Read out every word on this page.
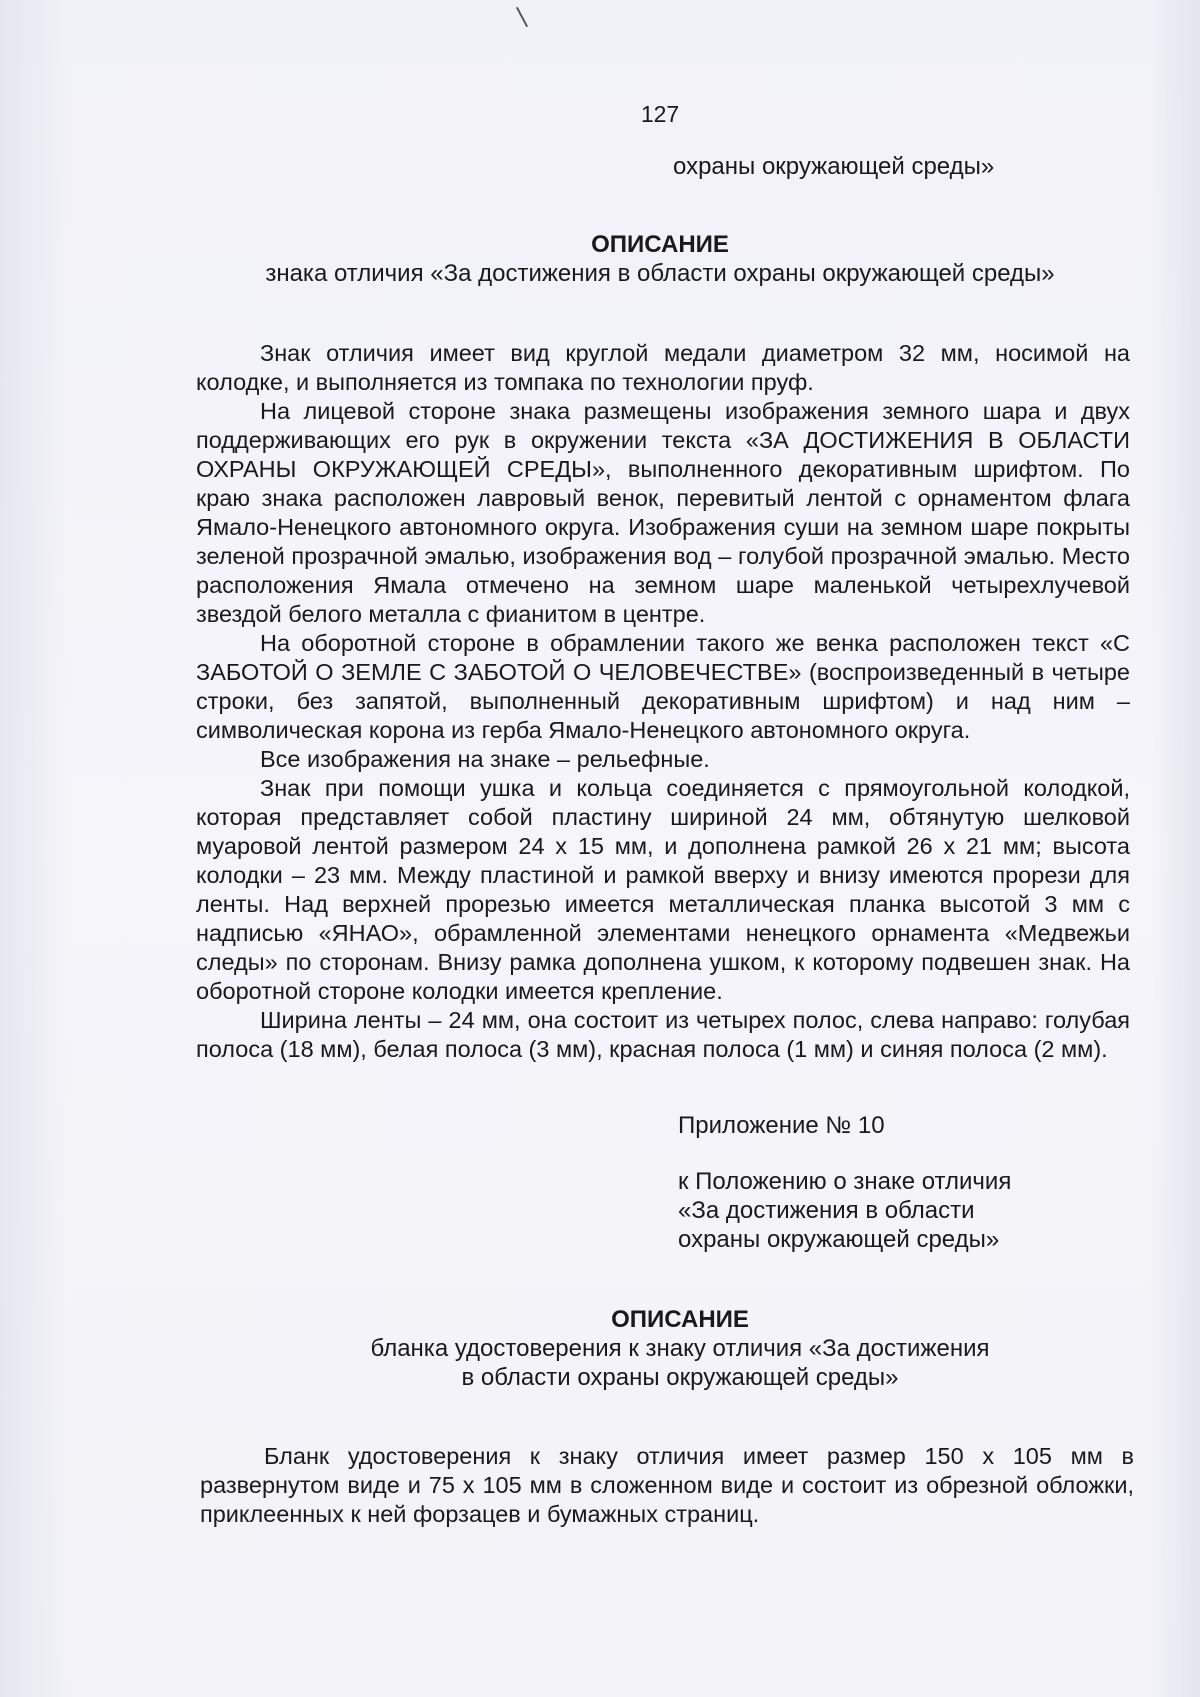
127
охраны окружающей среды»
ОПИСАНИЕ
знака отличия «За достижения в области охраны окружающей среды»

Знак отличия имеет вид круглой медали диаметром 32 мм, носимой на колодке, и выполняется из томпака по технологии пруф.

На лицевой стороне знака размещены изображения земного шара и двух поддерживающих его рук в окружении текста «ЗА ДОСТИЖЕНИЯ В ОБЛАСТИ ОХРАНЫ ОКРУЖАЮЩЕЙ СРЕДЫ», выполненного декоративным шрифтом. По краю знака расположен лавровый венок, перевитый лентой с орнаментом флага Ямало-Ненецкого автономного округа. Изображения суши на земном шаре покрыты зеленой прозрачной эмалью, изображения вод – голубой прозрачной эмалью. Место расположения Ямала отмечено на земном шаре маленькой четырехлучевой звездой белого металла с фианитом в центре.

На оборотной стороне в обрамлении такого же венка расположен текст «С ЗАБОТОЙ О ЗЕМЛЕ С ЗАБОТОЙ О ЧЕЛОВЕЧЕСТВЕ» (воспроизведенный в четыре строки, без запятой, выполненный декоративным шрифтом) и над ним – символическая корона из герба Ямало-Ненецкого автономного округа.

Все изображения на знаке – рельефные.

Знак при помощи ушка и кольца соединяется с прямоугольной колодкой, которая представляет собой пластину шириной 24 мм, обтянутую шелковой муаровой лентой размером 24 x 15 мм, и дополнена рамкой 26 x 21 мм; высота колодки – 23 мм. Между пластиной и рамкой вверху и внизу имеются прорези для ленты. Над верхней прорезью имеется металлическая планка высотой 3 мм с надписью «ЯНАО», обрамленной элементами ненецкого орнамента «Медвежьи следы» по сторонам. Внизу рамка дополнена ушком, к которому подвешен знак. На оборотной стороне колодки имеется крепление.

Ширина ленты – 24 мм, она состоит из четырех полос, слева направо: голубая полоса (18 мм), белая полоса (3 мм), красная полоса (1 мм) и синяя полоса (2 мм).

Приложение № 10
к Положению о знаке отличия
«За достижения в области
охраны окружающей среды»
ОПИСАНИЕ
бланка удостоверения к знаку отличия «За достижения
в области охраны окружающей среды»

Бланк удостоверения к знаку отличия имеет размер 150 x 105 мм в развернутом виде и 75 x 105 мм в сложенном виде и состоит из обрезной обложки, приклеенных к ней форзацев и бумажных страниц.
